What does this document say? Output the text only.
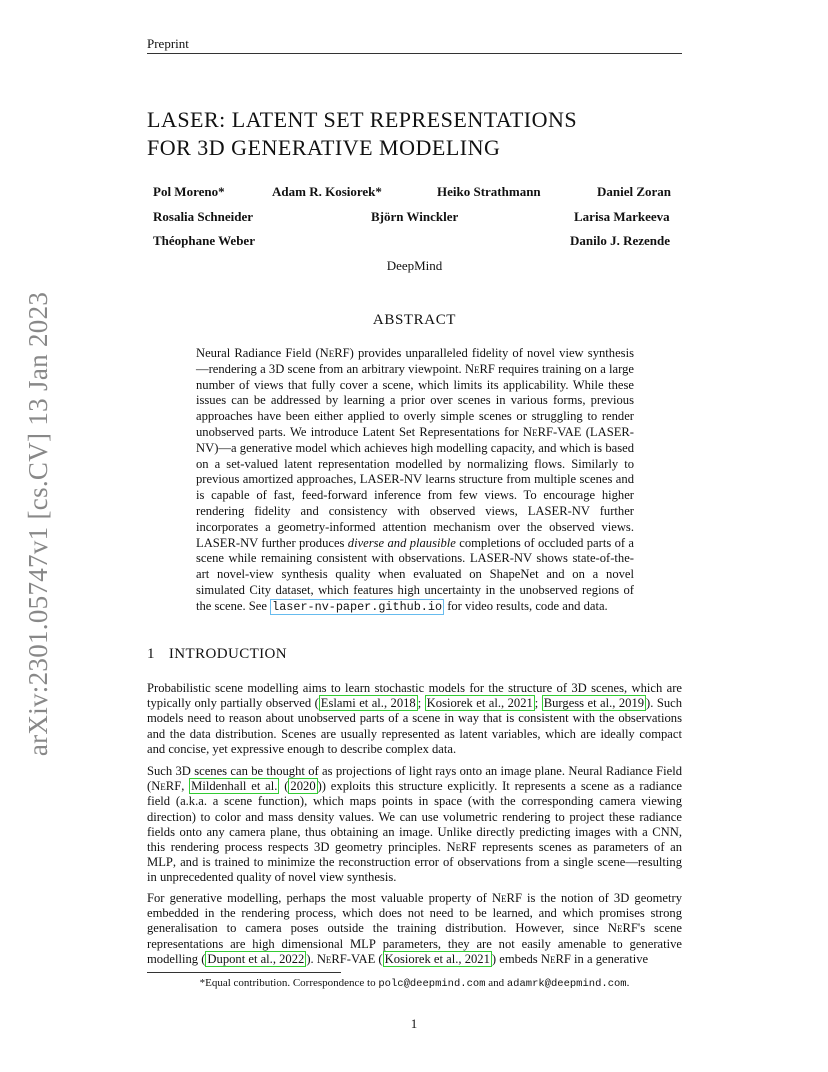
Preprint
arXiv:2301.05747v1 [cs.CV] 13 Jan 2023
LASER: LATENT SET REPRESENTATIONS
FOR 3D GENERATIVE MODELING
Pol Moreno*	Adam R. Kosiorek*	Heiko Strathmann	Daniel Zoran
Rosalia Schneider	Björn Winckler	Larisa Markeeva
Théophane Weber	Danilo J. Rezende
DeepMind
ABSTRACT
Neural Radiance Field (NeRF) provides unparalleled fidelity of novel view synthesis—rendering a 3D scene from an arbitrary viewpoint. NeRF requires training on a large number of views that fully cover a scene, which limits its applicability. While these issues can be addressed by learning a prior over scenes in various forms, previous approaches have been either applied to overly simple scenes or struggling to render unobserved parts. We introduce Latent Set Representations for NeRF-VAE (LASER-NV)—a generative model which achieves high modelling capacity, and which is based on a set-valued latent representation modelled by normalizing flows. Similarly to previous amortized approaches, LASER-NV learns structure from multiple scenes and is capable of fast, feed-forward inference from few views. To encourage higher rendering fidelity and consistency with observed views, LASER-NV further incorporates a geometry-informed attention mechanism over the observed views. LASER-NV further produces diverse and plausible completions of occluded parts of a scene while remaining consistent with observations. LASER-NV shows state-of-the-art novel-view synthesis quality when evaluated on ShapeNet and on a novel simulated City dataset, which features high uncertainty in the unobserved regions of the scene. See laser-nv-paper.github.io for video results, code and data.
1 INTRODUCTION
Probabilistic scene modelling aims to learn stochastic models for the structure of 3D scenes, which are typically only partially observed ( Eslami et al., 2018 ; Kosiorek et al., 2021 ; Burgess et al., 2019 ). Such models need to reason about unobserved parts of a scene in way that is consistent with the observations and the data distribution. Scenes are usually represented as latent variables, which are ideally compact and concise, yet expressive enough to describe complex data.
Such 3D scenes can be thought of as projections of light rays onto an image plane. Neural Radiance Field (NeRF, Mildenhall et al. ( 2020 )) exploits this structure explicitly. It represents a scene as a radiance field (a.k.a. a scene function), which maps points in space (with the corresponding camera viewing direction) to color and mass density values. We can use volumetric rendering to project these radiance fields onto any camera plane, thus obtaining an image. Unlike directly predicting images with a CNN, this rendering process respects 3D geometry principles. NeRF represents scenes as parameters of an MLP, and is trained to minimize the reconstruction error of observations from a single scene—resulting in unprecedented quality of novel view synthesis.
For generative modelling, perhaps the most valuable property of NeRF is the notion of 3D geometry embedded in the rendering process, which does not need to be learned, and which promises strong generalisation to camera poses outside the training distribution. However, since NeRF's scene representations are high dimensional MLP parameters, they are not easily amenable to generative modelling ( Dupont et al., 2022 ). NeRF-VAE ( Kosiorek et al., 2021 ) embeds NeRF in a generative
*Equal contribution. Correspondence to polc@deepmind.com and adamrk@deepmind.com.
1
